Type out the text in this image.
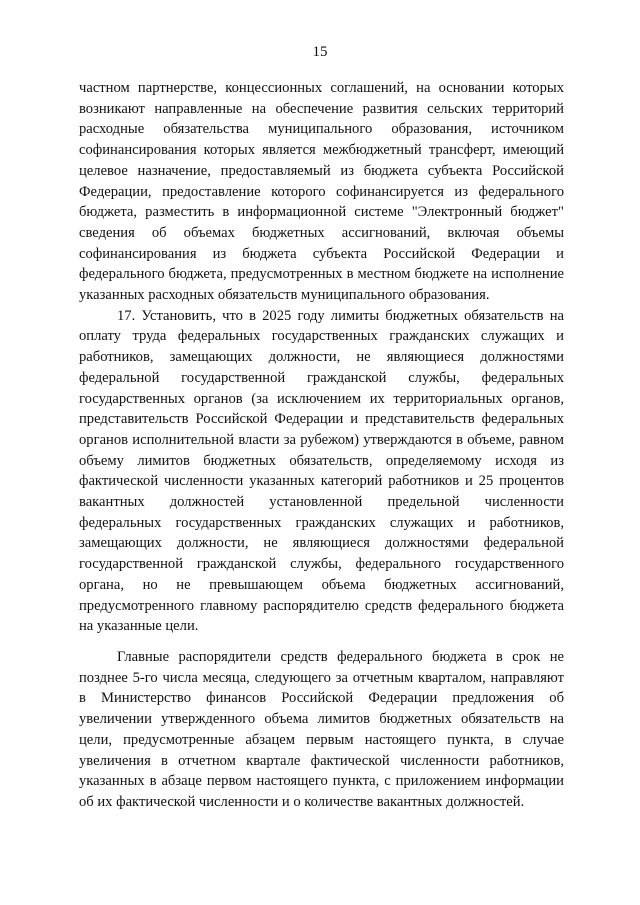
15

частном партнерстве, концессионных соглашений, на основании которых возникают направленные на обеспечение развития сельских территорий расходные обязательства муниципального образования, источником софинансирования которых является межбюджетный трансферт, имеющий целевое назначение, предоставляемый из бюджета субъекта Российской Федерации, предоставление которого софинансируется из федерального бюджета, разместить в информационной системе "Электронный бюджет" сведения об объемах бюджетных ассигнований, включая объемы софинансирования из бюджета субъекта Российской Федерации и федерального бюджета, предусмотренных в местном бюджете на исполнение указанных расходных обязательств муниципального образования.

17. Установить, что в 2025 году лимиты бюджетных обязательств на оплату труда федеральных государственных гражданских служащих и работников, замещающих должности, не являющиеся должностями федеральной государственной гражданской службы, федеральных государственных органов (за исключением их территориальных органов, представительств Российской Федерации и представительств федеральных органов исполнительной власти за рубежом) утверждаются в объеме, равном объему лимитов бюджетных обязательств, определяемому исходя из фактической численности указанных категорий работников и 25 процентов вакантных должностей установленной предельной численности федеральных государственных гражданских служащих и работников, замещающих должности, не являющиеся должностями федеральной государственной гражданской службы, федерального государственного органа, но не превышающем объема бюджетных ассигнований, предусмотренного главному распорядителю средств федерального бюджета на указанные цели.

Главные распорядители средств федерального бюджета в срок не позднее 5-го числа месяца, следующего за отчетным кварталом, направляют в Министерство финансов Российской Федерации предложения об увеличении утвержденного объема лимитов бюджетных обязательств на цели, предусмотренные абзацем первым настоящего пункта, в случае увеличения в отчетном квартале фактической численности работников, указанных в абзаце первом настоящего пункта, с приложением информации об их фактической численности и о количестве вакантных должностей.
